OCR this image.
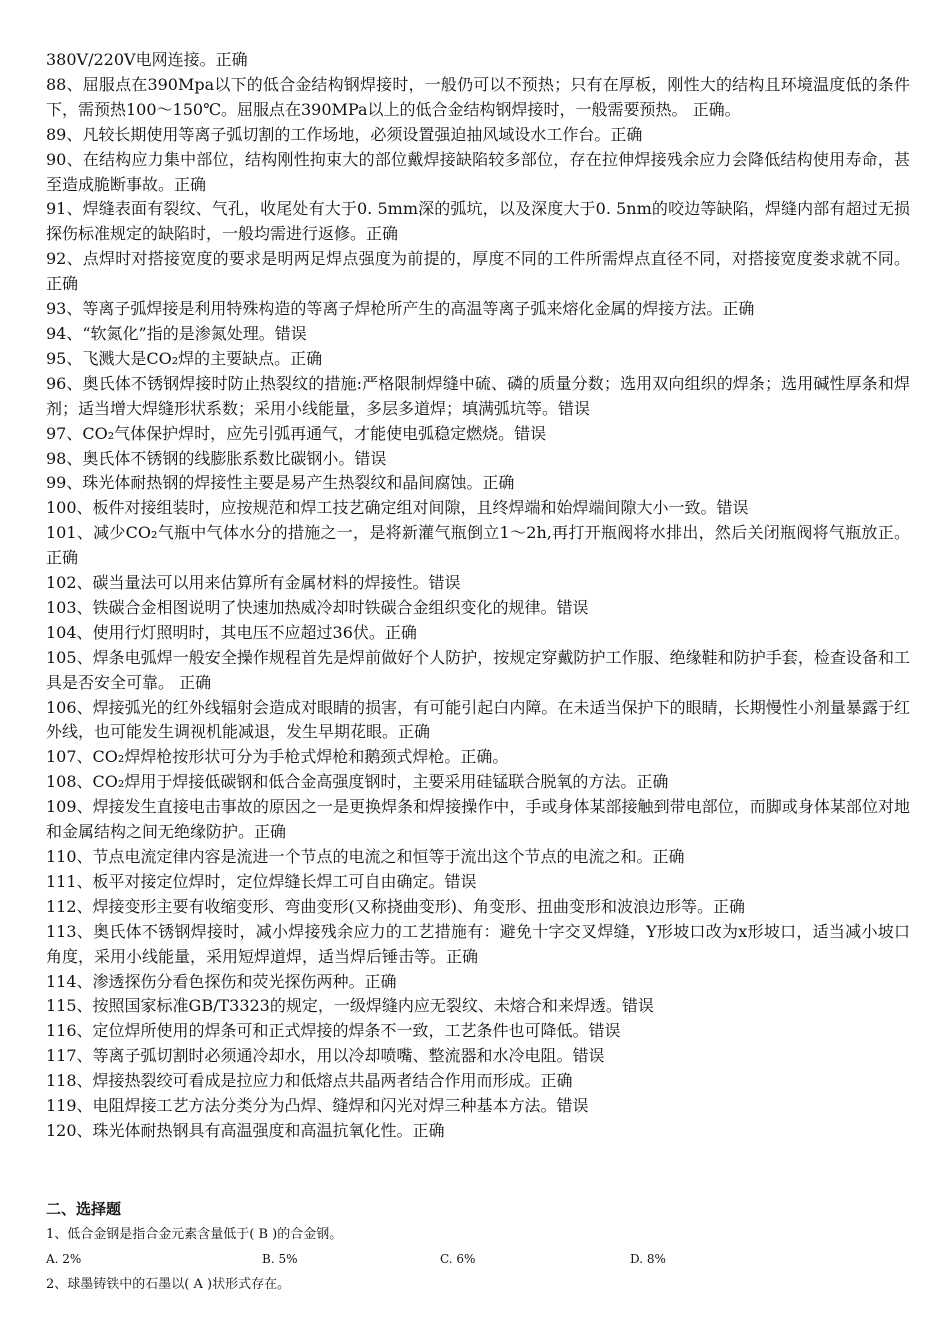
380V/220V电网连接。正确

88、屈服点在390Mpa以下的低合金结构钢焊接时，一般仍可以不预热；只有在厚板，刚性大的结构且环境温度低的条件下，需预热100～150℃。屈服点在390MPa以上的低合金结构钢焊接时，一般需要预热。 正确。

89、凡较长期使用等离子弧切割的工作场地，必须设置强迫抽风域设水工作台。正确

90、在结构应力集中部位，结构刚性拘束大的部位戴焊接缺陷较多部位，存在拉伸焊接残余应力会降低结构使用寿命，甚至造成脆断事故。正确

91、焊缝表面有裂纹、气孔，收尾处有大于0. 5mm深的弧坑，以及深度大于0. 5nm的咬边等缺陷，焊缝内部有超过无损探伤标准规定的缺陷时，一般均需进行返修。正确

92、点焊时对搭接宽度的要求是明两足焊点强度为前提的，厚度不同的工件所需焊点直径不同，对搭接宽度娄求就不同。正确

93、等离子弧焊接是利用特殊构造的等离子焊枪所产生的高温等离子弧来熔化金属的焊接方法。正确

94、“软氮化”指的是渗氮处理。错误

95、飞溅大是CO₂焊的主要缺点。正确

96、奥氏体不锈钢焊接时防止热裂纹的措施:严格限制焊缝中硫、磷的质量分数；选用双向组织的焊条；选用碱性厚条和焊剂；适当增大焊缝形状系数；采用小线能量，多层多道焊；填满弧坑等。错误

97、CO₂气体保护焊时，应先引弧再通气，才能使电弧稳定燃烧。错误

98、奥氏体不锈钢的线膨胀系数比碳钢小。错误

99、珠光体耐热钢的焊接性主要是易产生热裂纹和晶间腐蚀。正确

100、板件对接组装时，应按规范和焊工技艺确定组对间隙，且终焊端和始焊端间隙大小一致。错误

101、减少CO₂气瓶中气体水分的措施之一，是将新灌气瓶倒立1～2h,再打开瓶阀将水排出，然后关闭瓶阀将气瓶放正。正确

102、碳当量法可以用来估算所有金属材料的焊接性。错误

103、铁碳合金相图说明了快速加热威冷却时铁碳合金组织变化的规律。错误

104、使用行灯照明时，其电压不应超过36伏。正确

105、焊条电弧焊一般安全操作规程首先是焊前做好个人防护，按规定穿戴防护工作服、绝缘鞋和防护手套，检查设备和工具是否安全可靠。 正确

106、焊接弧光的红外线辐射会造成对眼睛的损害，有可能引起白内障。在未适当保护下的眼睛，长期慢性小剂量暴露于红外线，也可能发生调视机能减退，发生早期花眼。正确

107、CO₂焊焊枪按形状可分为手枪式焊枪和鹅颈式焊枪。正确。

108、CO₂焊用于焊接低碳钢和低合金高强度钢时，主要采用硅锰联合脱氧的方法。正确

109、焊接发生直接电击事故的原因之一是更换焊条和焊接操作中，手或身体某部接触到带电部位，而脚或身体某部位对地和金属结构之间无绝缘防护。正确

110、节点电流定律内容是流进一个节点的电流之和恒等于流出这个节点的电流之和。正确

111、板平对接定位焊时，定位焊缝长焊工可自由确定。错误

112、焊接变形主要有收缩变形、弯曲变形(又称挠曲变形)、角变形、扭曲变形和波浪边形等。正确

113、奥氏体不锈钢焊接时，减小焊接残余应力的工艺措施有：避免十字交叉焊缝，Y形坡口改为x形坡口，适当减小坡口角度，采用小线能量，采用短焊道焊，适当焊后锤击等。正确

114、渗透探伤分看色探伤和荧光探伤两种。正确

115、按照国家标准GB/T3323的规定，一级焊缝内应无裂纹、未熔合和来焊透。错误

116、定位焊所使用的焊条可和正式焊接的焊条不一致，工艺条件也可降低。错误

117、等离子弧切割时必须通冷却水，用以冷却喷嘴、整流器和水冷电阻。错误

118、焊接热裂绞可看成是拉应力和低熔点共晶两者结合作用而形成。正确

119、电阻焊接工艺方法分类分为凸焊、缝焊和闪光对焊三种基本方法。错误

120、珠光体耐热钢具有高温强度和高温抗氧化性。正确

二、选择题

1、低合金钢是指合金元素含量低于( B )的合金钢。

A. 2%	B. 5%	C. 6%	D. 8%

2、球墨铸铁中的石墨以( A )状形式存在。
